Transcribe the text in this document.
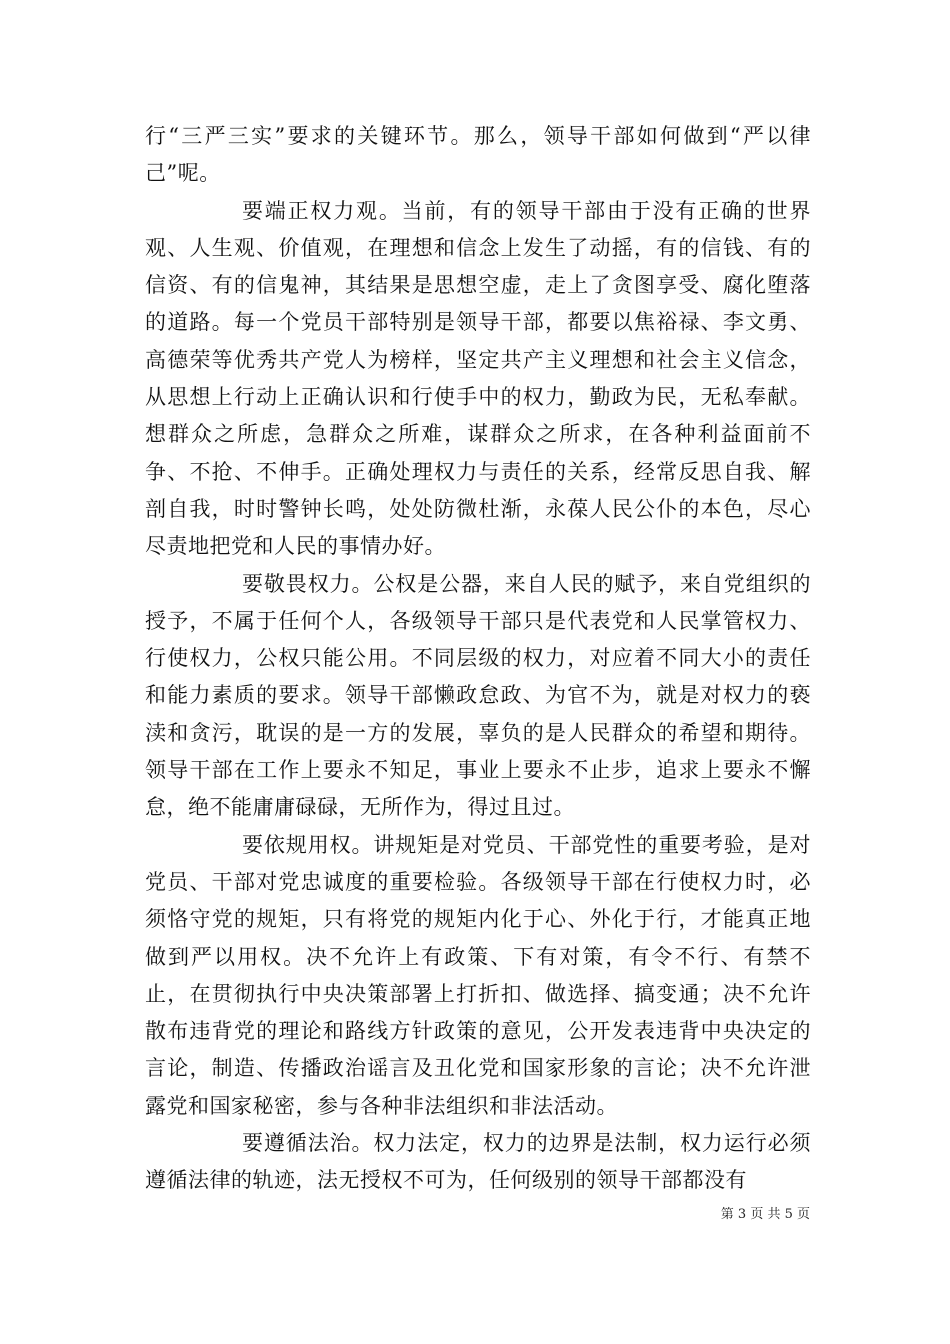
行“三严三实”要求的关键环节。那么，领导干部如何做到“严以律己”呢。

要端正权力观。当前，有的领导干部由于没有正确的世界观、人生观、价值观，在理想和信念上发生了动摇，有的信钱、有的信资、有的信鬼神，其结果是思想空虚，走上了贪图享受、腐化堕落的道路。每一个党员干部特别是领导干部，都要以焦裕禄、李文勇、高德荣等优秀共产党人为榜样，坚定共产主义理想和社会主义信念，从思想上行动上正确认识和行使手中的权力，勤政为民，无私奉献。想群众之所虑，急群众之所难，谋群众之所求，在各种利益面前不争、不抢、不伸手。正确处理权力与责任的关系，经常反思自我、解剖自我，时时警钟长鸣，处处防微杜渐，永葆人民公仆的本色，尽心尽责地把党和人民的事情办好。

要敬畏权力。公权是公器，来自人民的赋予，来自党组织的授予，不属于任何个人，各级领导干部只是代表党和人民掌管权力、行使权力，公权只能公用。不同层级的权力，对应着不同大小的责任和能力素质的要求。领导干部懒政怠政、为官不为，就是对权力的亵渎和贪污，耽误的是一方的发展，辜负的是人民群众的希望和期待。领导干部在工作上要永不知足，事业上要永不止步，追求上要永不懈怠，绝不能庸庸碌碌，无所作为，得过且过。

要依规用权。讲规矩是对党员、干部党性的重要考验，是对党员、干部对党忠诚度的重要检验。各级领导干部在行使权力时，必须恪守党的规矩，只有将党的规矩内化于心、外化于行，才能真正地做到严以用权。决不允许上有政策、下有对策，有令不行、有禁不止，在贯彻执行中央决策部署上打折扣、做选择、搞变通；决不允许散布违背党的理论和路线方针政策的意见，公开发表违背中央决定的言论，制造、传播政治谣言及丑化党和国家形象的言论；决不允许泄露党和国家秘密，参与各种非法组织和非法活动。

要遵循法治。权力法定，权力的边界是法制，权力运行必须遵循法律的轨迹，法无授权不可为，任何级别的领导干部都没有

第 3 页 共 5 页
